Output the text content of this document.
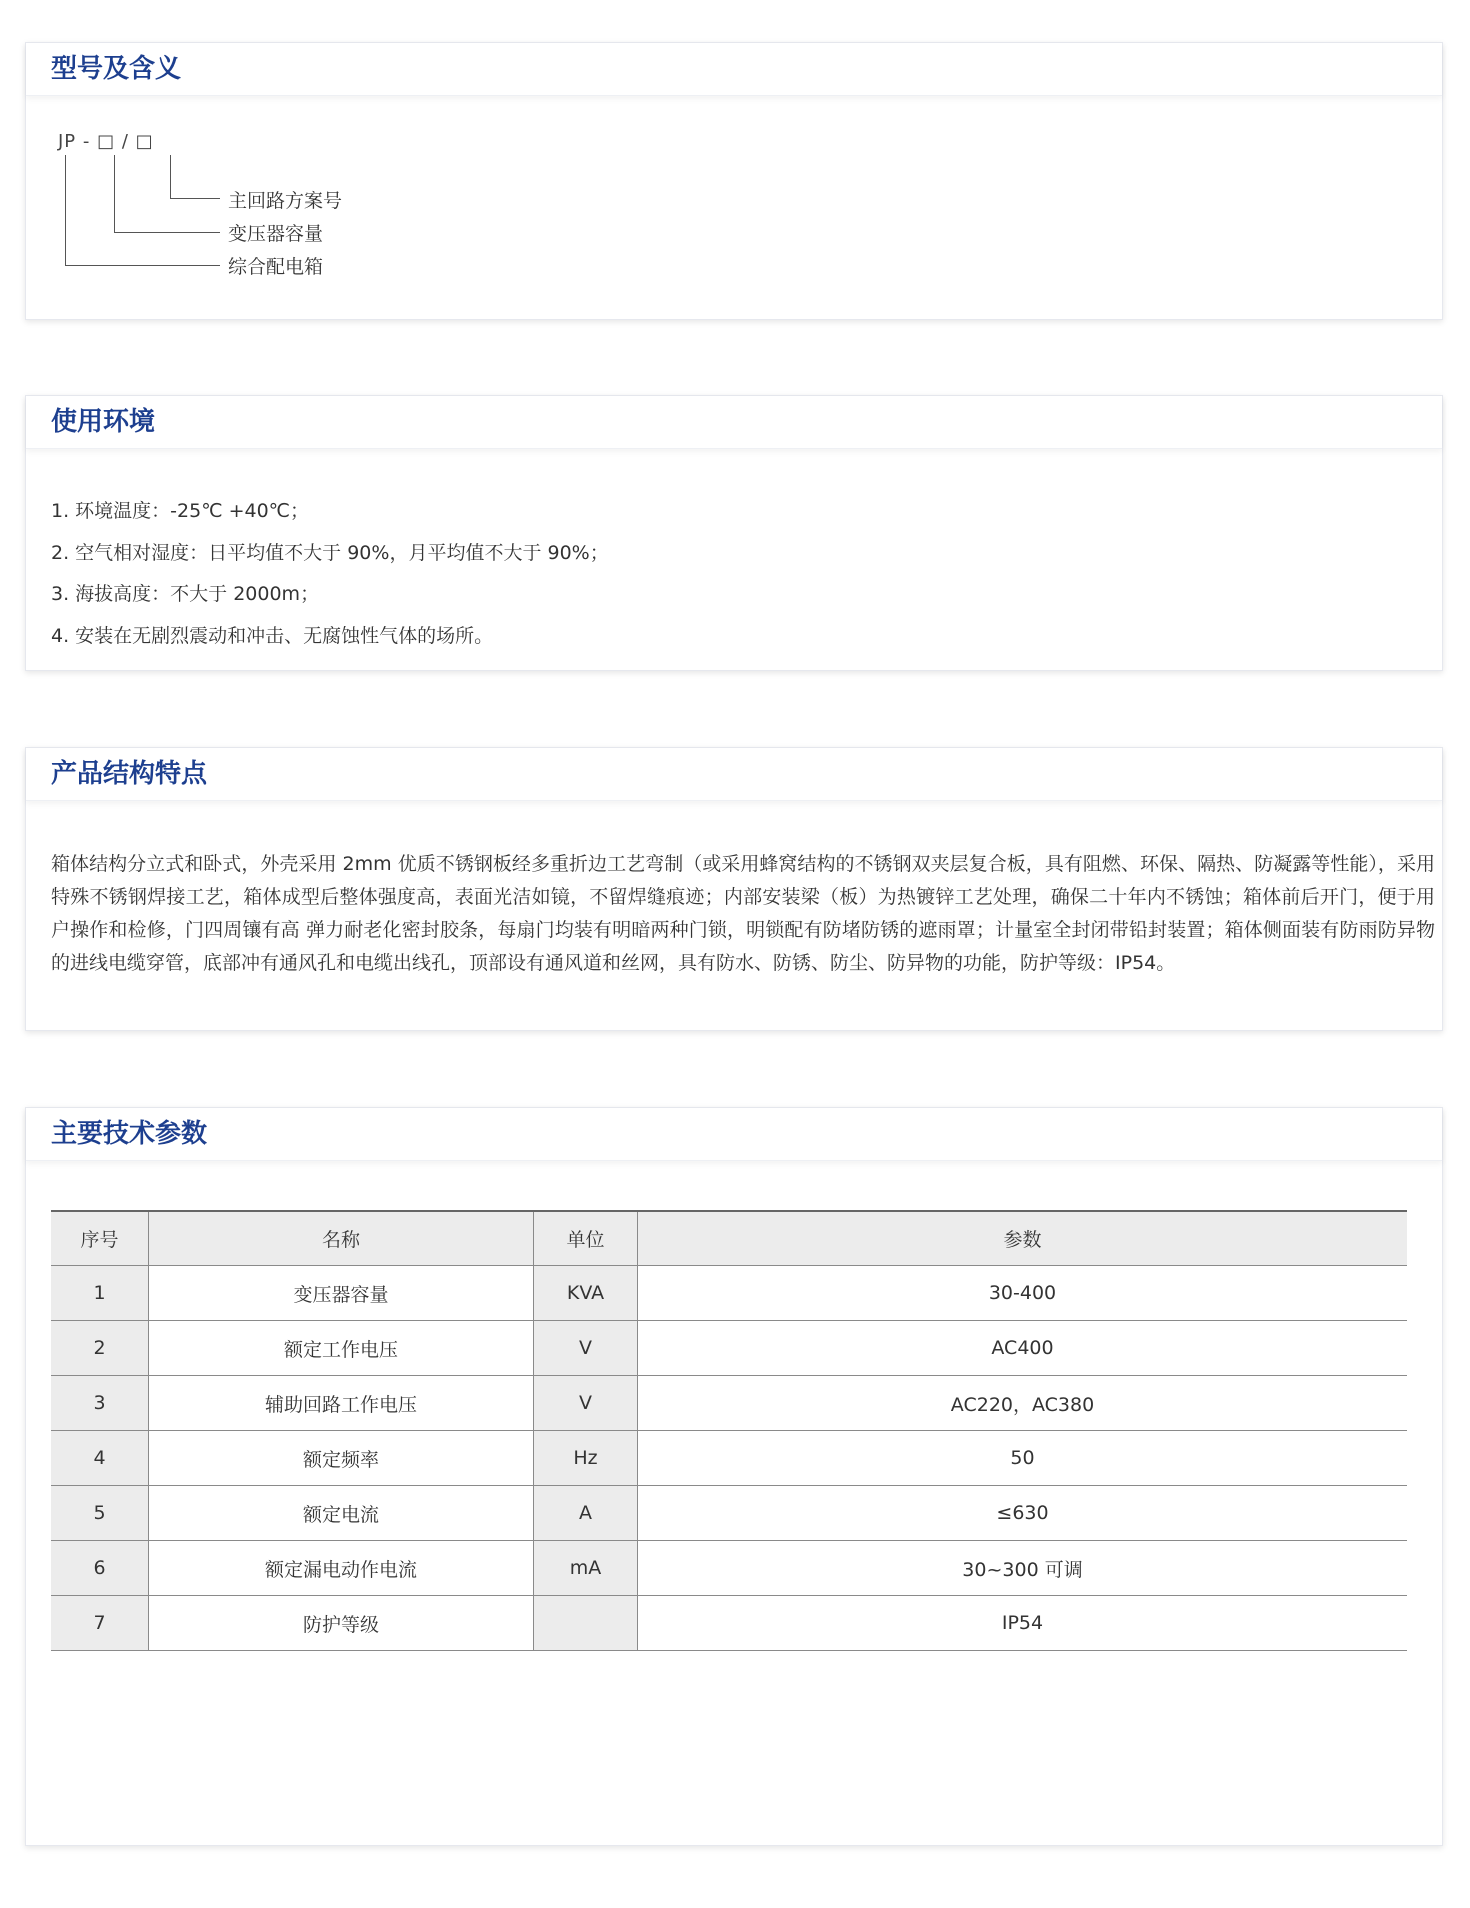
型号及含义
JP - □ / □
主回路方案号
变压器容量
综合配电箱
使用环境
1. 环境温度：-25℃ +40℃；
2. 空气相对湿度：日平均值不大于 90%，月平均值不大于 90%；
3. 海拔高度：不大于 2000m；
4. 安装在无剧烈震动和冲击、无腐蚀性气体的场所。
产品结构特点

箱体结构分立式和卧式，外壳采用 2mm 优质不锈钢板经多重折边工艺弯制（或采用蜂窝结构的不锈钢双夹层复合板，具有阻燃、环保、隔热、防凝露等性能），采用特殊不锈钢焊接工艺，箱体成型后整体强度高，表面光洁如镜，不留焊缝痕迹；内部安装梁（板）为热镀锌工艺处理，确保二十年内不锈蚀；箱体前后开门，便于用户操作和检修，门四周镶有高 弹力耐老化密封胶条，每扇门均装有明暗两种门锁，明锁配有防堵防锈的遮雨罩；计量室全封闭带铅封装置；箱体侧面装有防雨防异物的进线电缆穿管，底部冲有通风孔和电缆出线孔，顶部设有通风道和丝网，具有防水、防锈、防尘、防异物的功能，防护等级：IP54。

主要技术参数
序号	名称	单位	参数
1	变压器容量	KVA	30-400
2	额定工作电压	V	AC400
3	辅助回路工作电压	V	AC220，AC380
4	额定频率	Hz	50
5	额定电流	A	≤630
6	额定漏电动作电流	mA	30~300 可调
7	防护等级		IP54
